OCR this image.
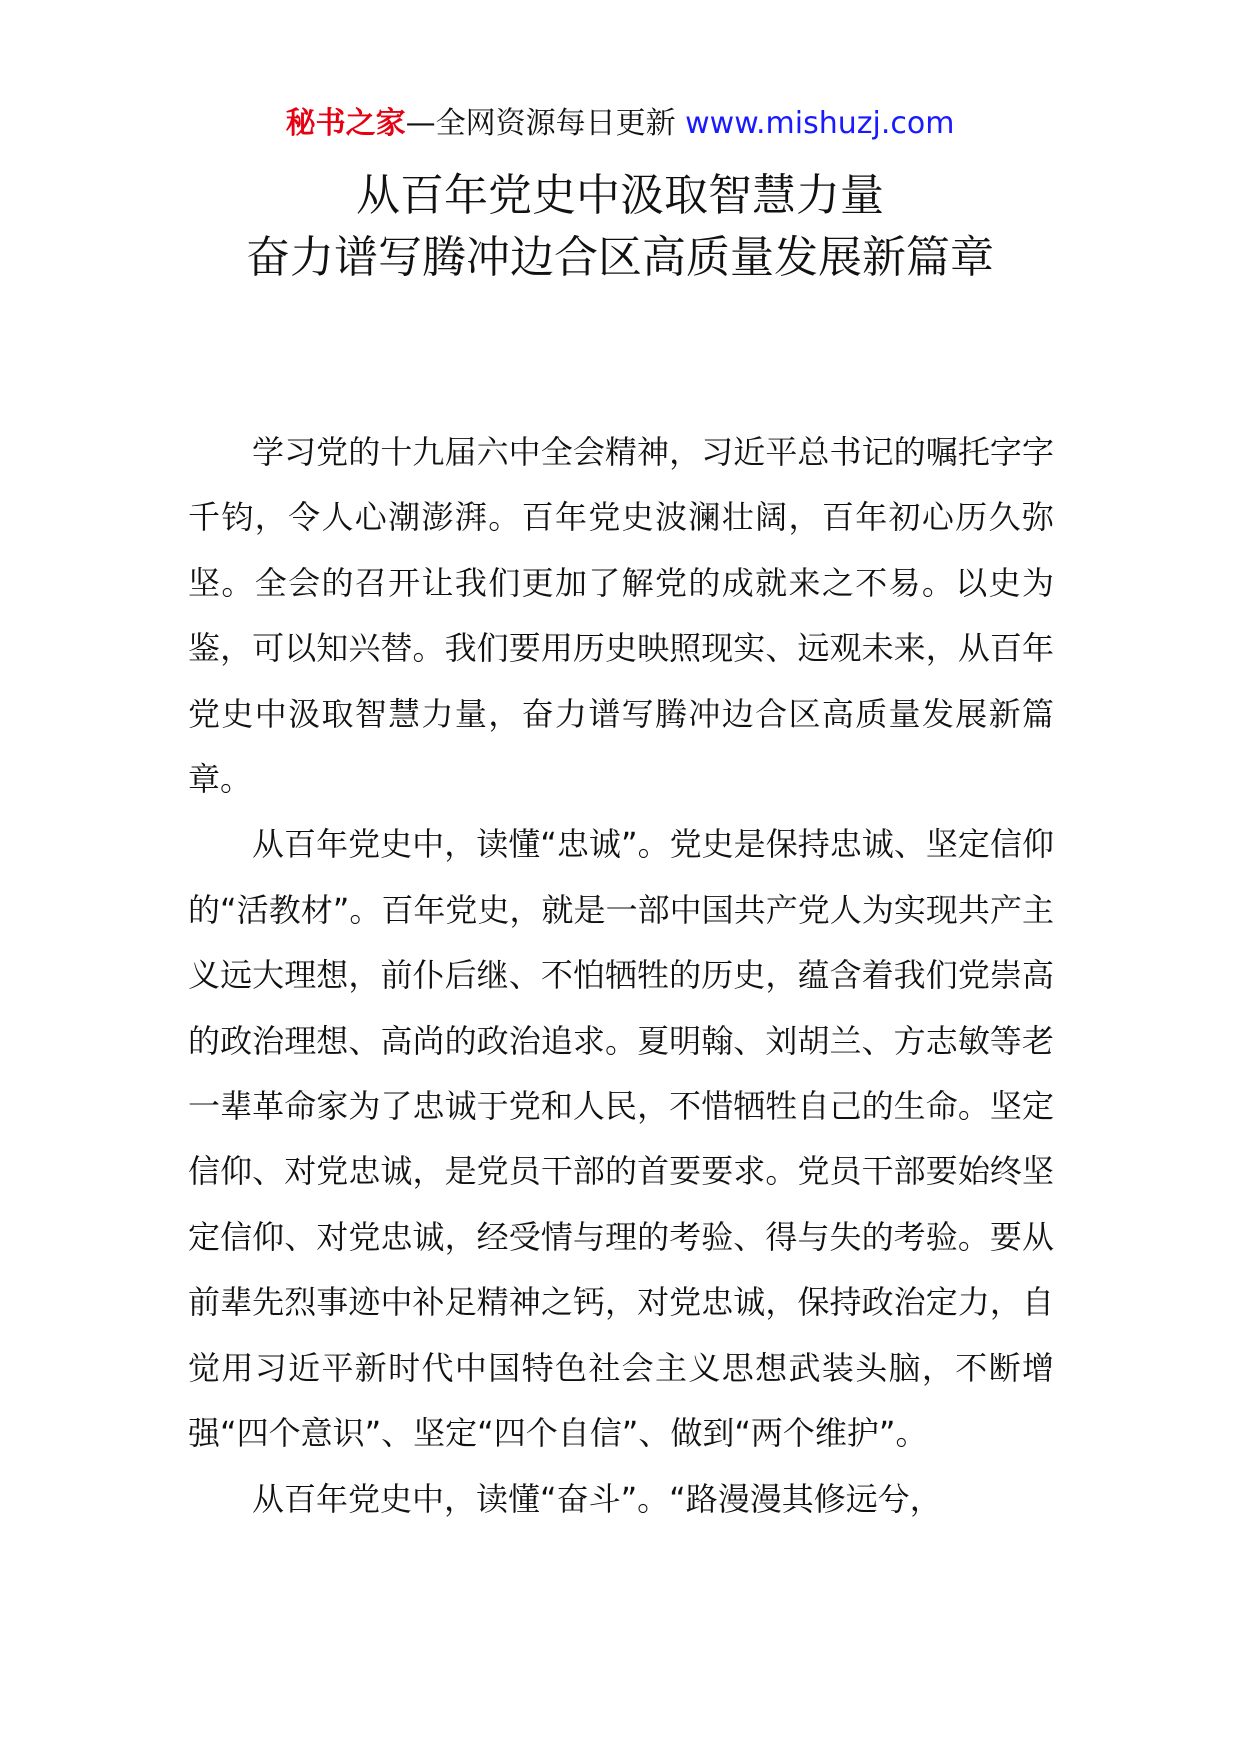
秘书之家—全网资源每日更新 www.mishuzj.com
从百年党史中汲取智慧力量
奋力谱写腾冲边合区高质量发展新篇章

学习党的十九届六中全会精神，习近平总书记的嘱托字字千钧，令人心潮澎湃。百年党史波澜壮阔，百年初心历久弥坚。全会的召开让我们更加了解党的成就来之不易。以史为鉴，可以知兴替。我们要用历史映照现实、远观未来，从百年党史中汲取智慧力量，奋力谱写腾冲边合区高质量发展新篇章。

从百年党史中，读懂“忠诚”。党史是保持忠诚、坚定信仰的“活教材”。百年党史，就是一部中国共产党人为实现共产主义远大理想，前仆后继、不怕牺牲的历史，蕴含着我们党崇高的政治理想、高尚的政治追求。夏明翰、刘胡兰、方志敏等老一辈革命家为了忠诚于党和人民，不惜牺牲自己的生命。坚定信仰、对党忠诚，是党员干部的首要要求。党员干部要始终坚定信仰、对党忠诚，经受情与理的考验、得与失的考验。要从前辈先烈事迹中补足精神之钙，对党忠诚，保持政治定力，自觉用习近平新时代中国特色社会主义思想武装头脑，不断增强“四个意识”、坚定“四个自信”、做到“两个维护”。

从百年党史中，读懂“奋斗”。“路漫漫其修远兮，
